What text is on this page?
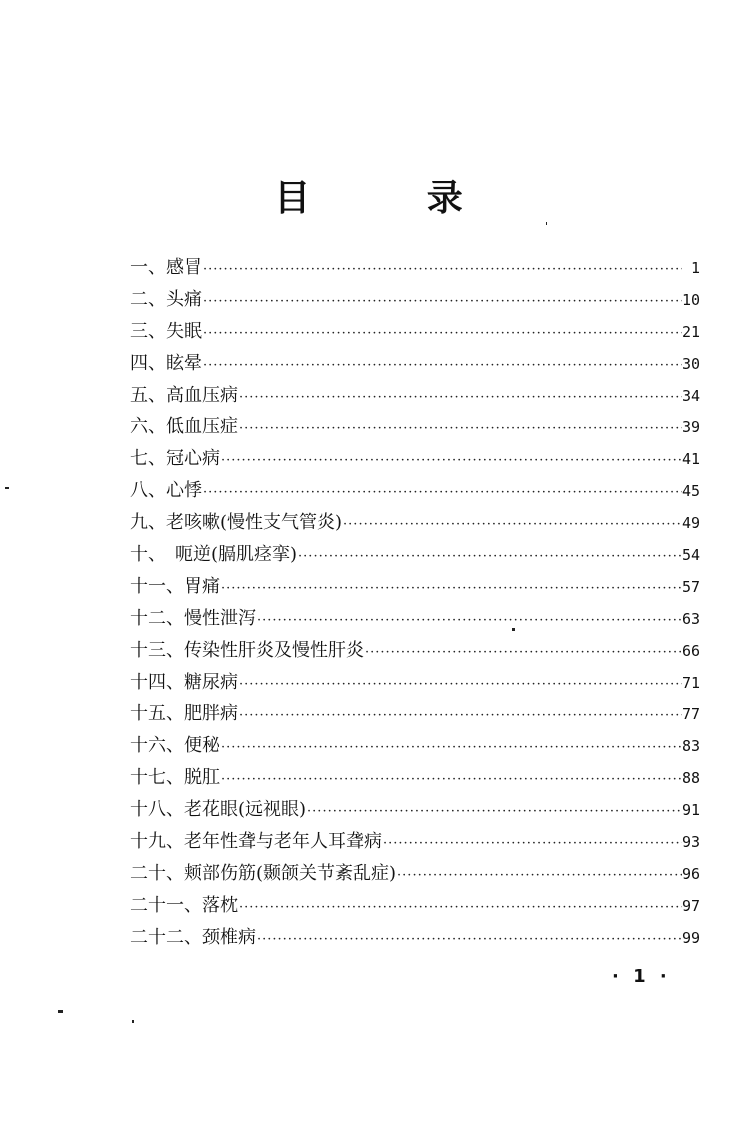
目 录
一、感冒 ·····	1
二、头痛 ·····	10
三、失眠 ·····	21
四、眩晕 ·····	30
五、高血压病 ·····	34
六、低血压症 ·····	39
七、冠心病 ·····	41
八、心悸 ·····	45
九、老咳嗽(慢性支气管炎) ·····	49
十、　呃逆(膈肌痉挛) ·····	54
十一、胃痛 ·····	57
十二、慢性泄泻 ·····	63
十三、传染性肝炎及慢性肝炎 ·····	66
十四、糖尿病 ·····	71
十五、肥胖病 ·····	77
十六、便秘 ·····	83
十七、脱肛 ·····	88
十八、老花眼(远视眼) ·····	91
十九、老年性聋与老年人耳聋病 ·····	93
二十、颊部伤筋(颞颌关节紊乱症) ·····	96
二十一、落枕 ·····	97
二十二、颈椎病 ·····	99
· 1 ·
